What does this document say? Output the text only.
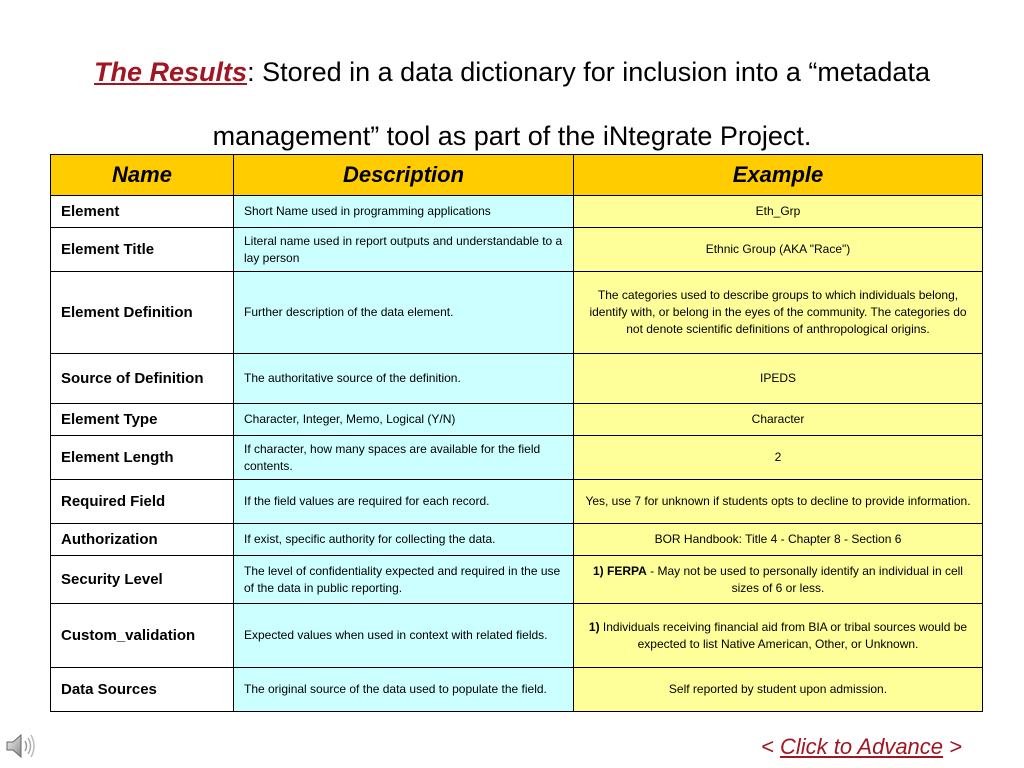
The Results: Stored in a data dictionary for inclusion into a “metadata management” tool as part of the iNtegrate Project.
Name	Description	Example
Element	Short Name used in programming applications	Eth_Grp
Element Title	Literal name used in report outputs and understandable to a lay person	Ethnic Group (AKA "Race")
Element Definition	Further description of the data element.	The categories used to describe groups to which individuals belong, identify with, or belong in the eyes of the community. The categories do not denote scientific definitions of anthropological origins.
Source of Definition	The authoritative source of the definition.	IPEDS
Element Type	Character, Integer, Memo, Logical (Y/N)	Character
Element Length	If character, how many spaces are available for the field contents.	2
Required Field	If the field values are required for each record.	Yes, use 7 for unknown if students opts to decline to provide information.
Authorization	If exist, specific authority for collecting the data.	BOR Handbook: Title 4 - Chapter 8 - Section 6
Security Level	The level of confidentiality expected and required in the use of the data in public reporting.	1) FERPA - May not be used to personally identify an individual in cell sizes of 6 or less.
Custom_validation	Expected values when used in context with related fields.	1) Individuals receiving financial aid from BIA or tribal sources would be expected to list Native American, Other, or Unknown.
Data Sources	The original source of the data used to populate the field.	Self reported by student upon admission.
< Click to Advance >
